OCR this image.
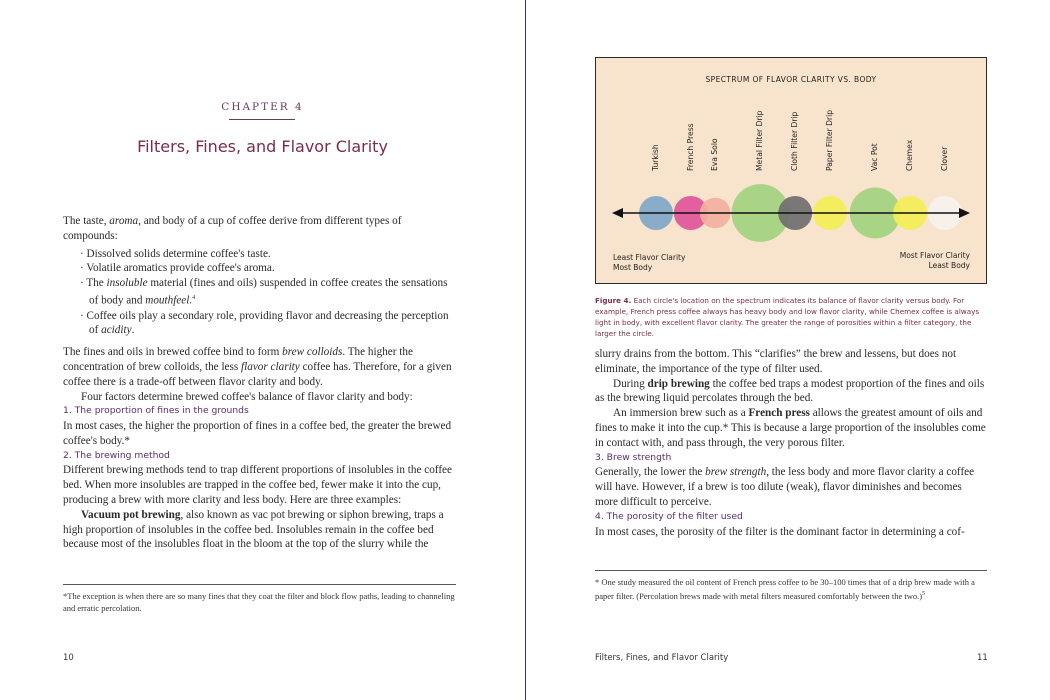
CHAPTER 4
Filters, Fines, and Flavor Clarity

The taste, aroma, and body of a cup of coffee derive from different types of compounds:

· Dissolved solids determine coffee's taste.

· Volatile aromatics provide coffee's aroma.

· The insoluble material (fines and oils) suspended in coffee creates the sensations of body and mouthfeel.$^4$

· Coffee oils play a secondary role, providing flavor and decreasing the perception of acidity.

The fines and oils in brewed coffee bind to form brew colloids. The higher the concentration of brew colloids, the less flavor clarity coffee has. Therefore, for a given coffee there is a trade-off between flavor clarity and body.

Four factors determine brewed coffee's balance of flavor clarity and body:

1. The proportion of fines in the grounds

In most cases, the higher the proportion of fines in a coffee bed, the greater the brewed coffee's body.*

2. The brewing method

Different brewing methods tend to trap different proportions of insolubles in the coffee bed. When more insolubles are trapped in the coffee bed, fewer make it into the cup, producing a brew with more clarity and less body. Here are three examples:

Vacuum pot brewing, also known as vac pot brewing or siphon brewing, traps a high proportion of insolubles in the coffee bed. Insolubles remain in the coffee bed because most of the insolubles float in the bloom at the top of the slurry while the

*The exception is when there are so many fines that they coat the filter and block flow paths, leading to channeling and erratic percolation.
10
SPECTRUM OF FLAVOR CLARITY VS. BODY
Turkish	French Press Eva Solo	Metal Filter Drip	Cloth Filter Drip	Paper Filter Drip	Vac Pot	Chemex	Clover
Least Flavor Clarity
Most Body
Most Flavor Clarity
Least Body
Figure 4. Each circle's location on the spectrum indicates its balance of flavor clarity versus body. For example, French press coffee always has heavy body and low flavor clarity, while Chemex coffee is always light in body, with excellent flavor clarity. The greater the range of porosities within a filter category, the larger the circle.

slurry drains from the bottom. This “clarifies” the brew and lessens, but does not eliminate, the importance of the type of filter used.

During drip brewing the coffee bed traps a modest proportion of the fines and oils as the brewing liquid percolates through the bed.

An immersion brew such as a French press allows the greatest amount of oils and fines to make it into the cup.* This is because a large proportion of the insolubles come in contact with, and pass through, the very porous filter.

3. Brew strength

Generally, the lower the brew strength, the less body and more flavor clarity a coffee will have. However, if a brew is too dilute (weak), flavor diminishes and becomes more difficult to perceive.

4. The porosity of the filter used

In most cases, the porosity of the filter is the dominant factor in determining a cof-

* One study measured the oil content of French press coffee to be 30–100 times that of a drip brew made with a paper filter. (Percolation brews made with metal filters measured comfortably between the two.)$^5$
Filters, Fines, and Flavor Clarity	11
